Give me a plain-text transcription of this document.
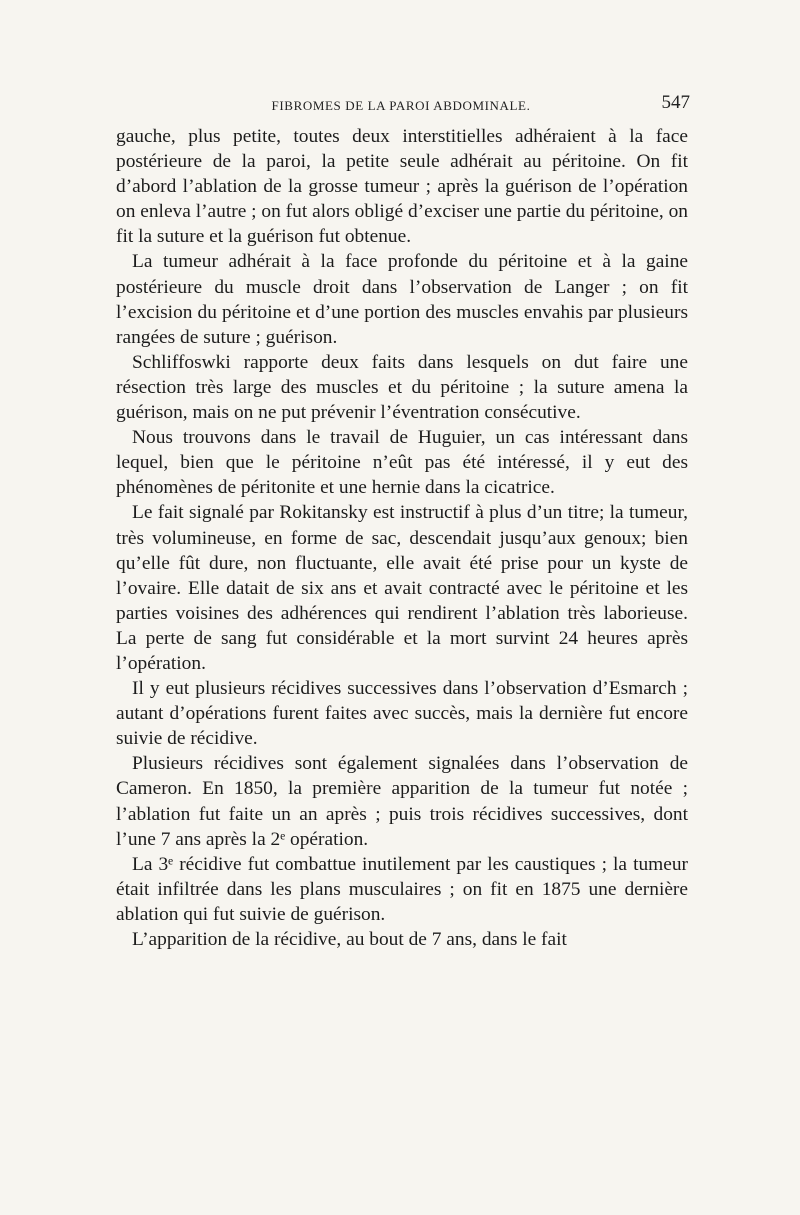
FIBROMES DE LA PAROI ABDOMINALE.	547

gauche, plus petite, toutes deux interstitielles adhéraient à la face postérieure de la paroi, la petite seule adhérait au péritoine. On fit d’abord l’ablation de la grosse tumeur ; après la guérison de l’opération on enleva l’autre ; on fut alors obligé d’exciser une partie du péritoine, on fit la suture et la guérison fut obtenue.

La tumeur adhérait à la face profonde du péritoine et à la gaine postérieure du muscle droit dans l’observation de Langer ; on fit l’excision du péritoine et d’une portion des muscles envahis par plusieurs rangées de suture ; guérison.

Schliffoswki rapporte deux faits dans lesquels on dut faire une résection très large des muscles et du péritoine ; la suture amena la guérison, mais on ne put prévenir l’éventration consécutive.

Nous trouvons dans le travail de Huguier, un cas intéressant dans lequel, bien que le péritoine n’eût pas été intéressé, il y eut des phénomènes de péritonite et une hernie dans la cicatrice.

Le fait signalé par Rokitansky est instructif à plus d’un titre; la tumeur, très volumineuse, en forme de sac, descendait jusqu’aux genoux; bien qu’elle fût dure, non fluctuante, elle avait été prise pour un kyste de l’ovaire. Elle datait de six ans et avait contracté avec le péritoine et les parties voisines des adhérences qui rendirent l’ablation très laborieuse. La perte de sang fut considérable et la mort survint 24 heures après l’opération.

Il y eut plusieurs récidives successives dans l’observation d’Esmarch ; autant d’opérations furent faites avec succès, mais la dernière fut encore suivie de récidive.

Plusieurs récidives sont également signalées dans l’observation de Cameron. En 1850, la première apparition de la tumeur fut notée ; l’ablation fut faite un an après ; puis trois récidives successives, dont l’une 7 ans après la 2ᵉ opération.

La 3ᵉ récidive fut combattue inutilement par les caustiques ; la tumeur était infiltrée dans les plans musculaires ; on fit en 1875 une dernière ablation qui fut suivie de guérison.

L’apparition de la récidive, au bout de 7 ans, dans le fait
